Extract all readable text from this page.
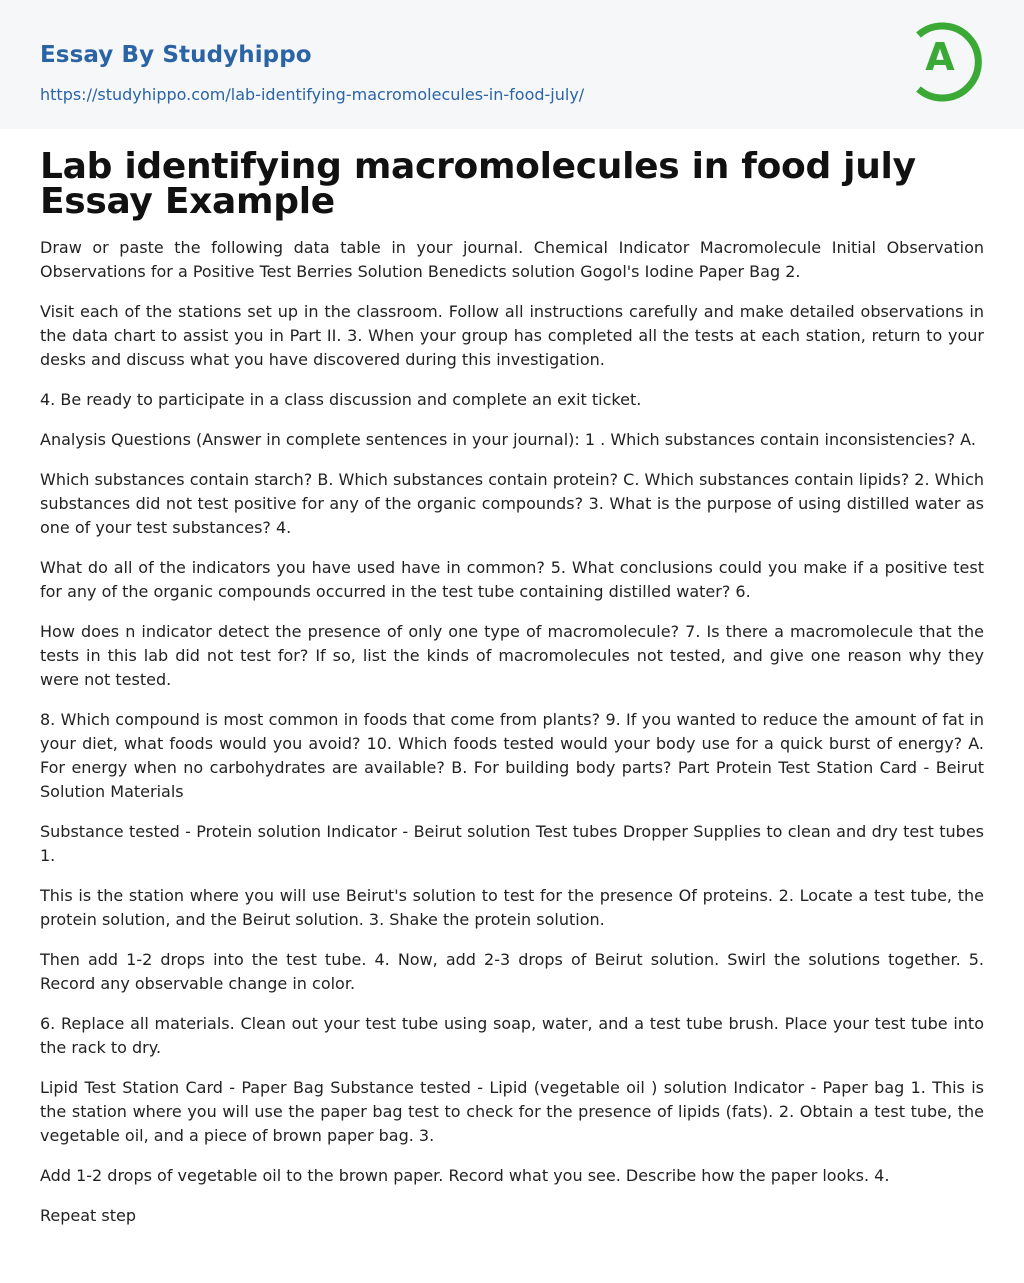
Essay By Studyhippo
https://studyhippo.com/lab-identifying-macromolecules-in-food-july/
A
Lab identifying macromolecules in food july Essay Example

Draw or paste the following data table in your journal. Chemical Indicator Macromolecule Initial Observation Observations for a Positive Test Berries Solution Benedicts solution Gogol's Iodine Paper Bag 2.

Visit each of the stations set up in the classroom. Follow all instructions carefully and make detailed observations in the data chart to assist you in Part II. 3. When your group has completed all the tests at each station, return to your desks and discuss what you have discovered during this investigation.

4. Be ready to participate in a class discussion and complete an exit ticket.

Analysis Questions (Answer in complete sentences in your journal): 1 . Which substances contain inconsistencies? A.

Which substances contain starch? B. Which substances contain protein? C. Which substances contain lipids? 2. Which substances did not test positive for any of the organic compounds? 3. What is the purpose of using distilled water as one of your test substances? 4.

What do all of the indicators you have used have in common? 5. What conclusions could you make if a positive test for any of the organic compounds occurred in the test tube containing distilled water? 6.

How does n indicator detect the presence of only one type of macromolecule? 7. Is there a macromolecule that the tests in this lab did not test for? If so, list the kinds of macromolecules not tested, and give one reason why they were not tested.

8. Which compound is most common in foods that come from plants? 9. If you wanted to reduce the amount of fat in your diet, what foods would you avoid? 10. Which foods tested would your body use for a quick burst of energy? A. For energy when no carbohydrates are available? B. For building body parts? Part Protein Test Station Card - Beirut Solution Materials

Substance tested - Protein solution Indicator - Beirut solution Test tubes Dropper Supplies to clean and dry test tubes 1.

This is the station where you will use Beirut's solution to test for the presence Of proteins. 2. Locate a test tube, the protein solution, and the Beirut solution. 3. Shake the protein solution.

Then add 1-2 drops into the test tube. 4. Now, add 2-3 drops of Beirut solution. Swirl the solutions together. 5. Record any observable change in color.

6. Replace all materials. Clean out your test tube using soap, water, and a test tube brush. Place your test tube into the rack to dry.

Lipid Test Station Card - Paper Bag Substance tested - Lipid (vegetable oil ) solution Indicator - Paper bag 1. This is the station where you will use the paper bag test to check for the presence of lipids (fats). 2. Obtain a test tube, the vegetable oil, and a piece of brown paper bag. 3.

Add 1-2 drops of vegetable oil to the brown paper. Record what you see. Describe how the paper looks. 4.

Repeat step
